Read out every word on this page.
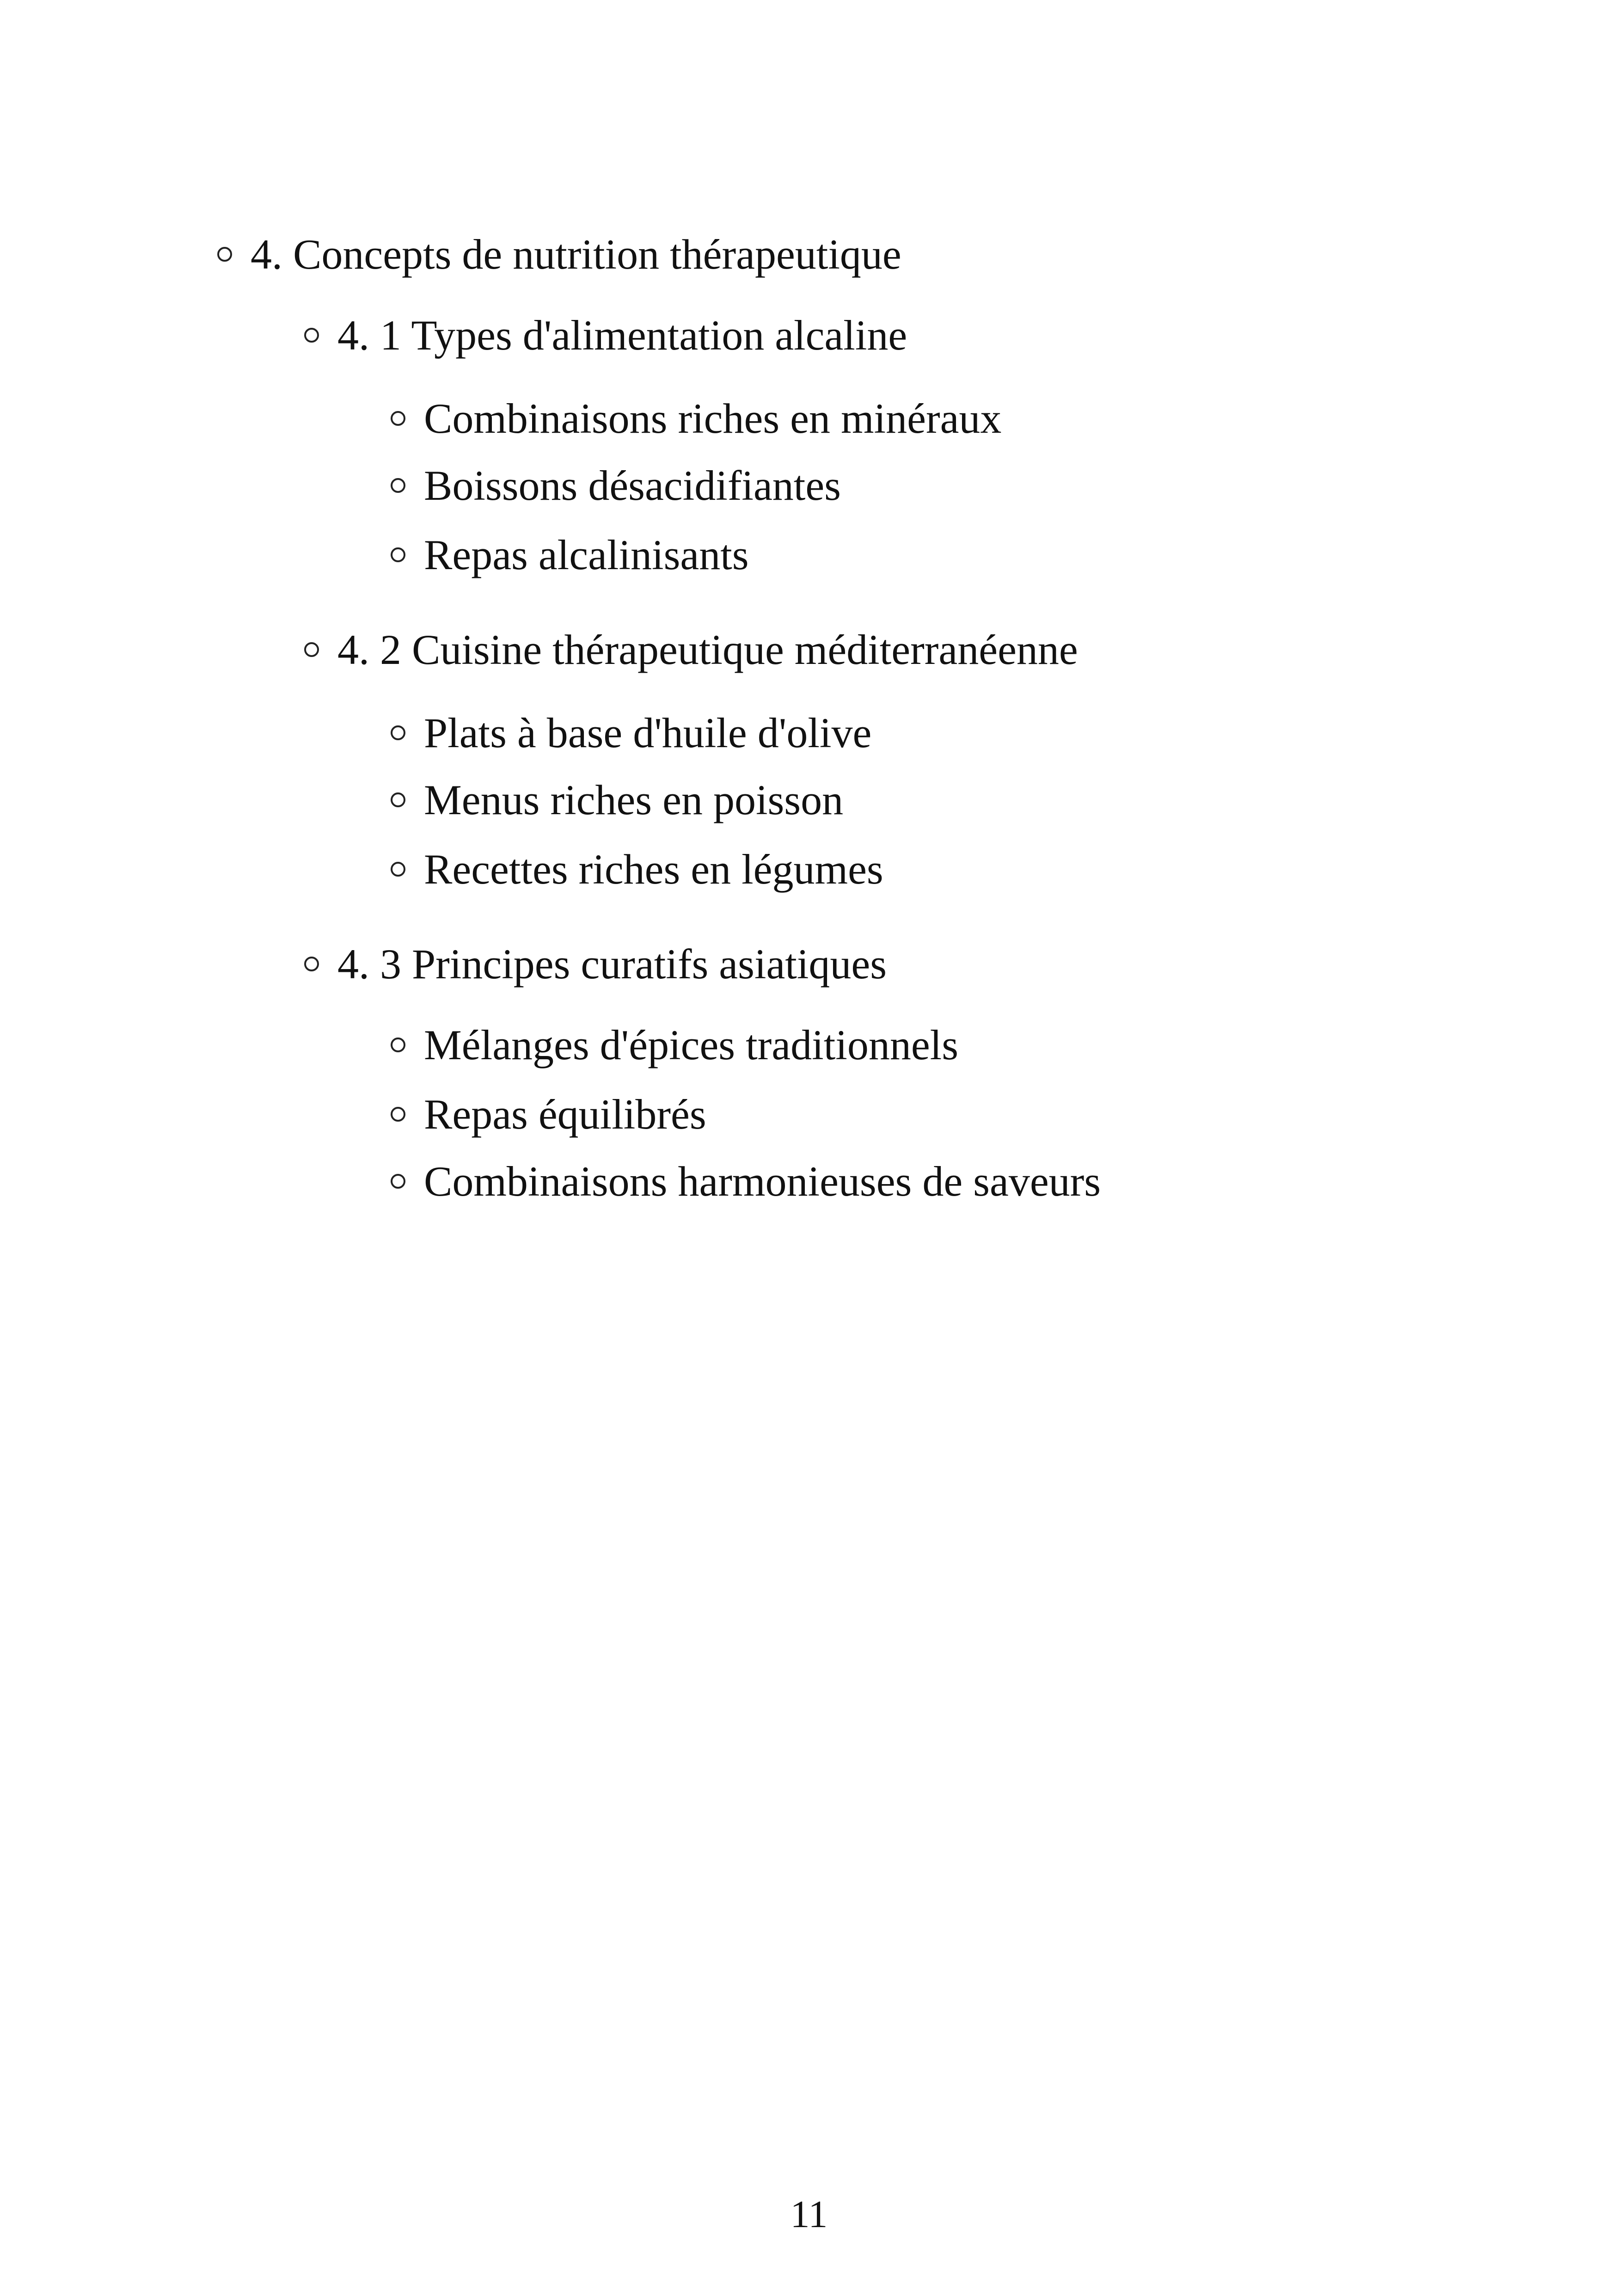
4. Concepts de nutrition thérapeutique
4. 1 Types d'alimentation alcaline
Combinaisons riches en minéraux
Boissons désacidifiantes
Repas alcalinisants
4. 2 Cuisine thérapeutique méditerranéenne
Plats à base d'huile d'olive
Menus riches en poisson
Recettes riches en légumes
4. 3 Principes curatifs asiatiques
Mélanges d'épices traditionnels
Repas équilibrés
Combinaisons harmonieuses de saveurs
11
